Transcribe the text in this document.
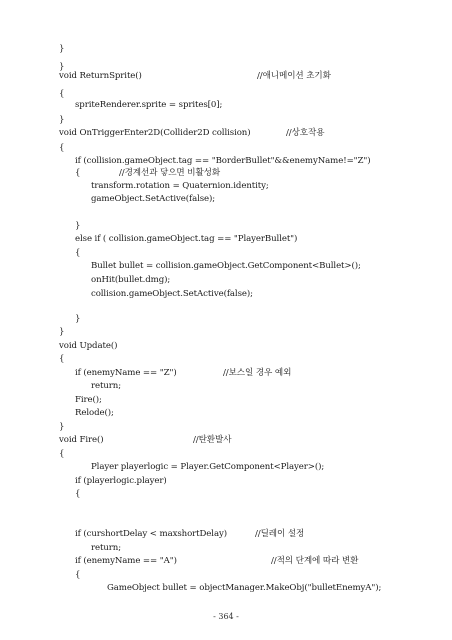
}
}
void ReturnSprite()	//애니메이션 초기화
{
spriteRenderer.sprite = sprites[0];
}
void OnTriggerEnter2D(Collider2D collision)	//상호작용
{
if (collision.gameObject.tag == "BorderBullet"&&enemyName!="Z")
{	//경계선과 닿으면 비활성화
transform.rotation = Quaternion.identity;
gameObject.SetActive(false);
}
else if ( collision.gameObject.tag == "PlayerBullet")
{
Bullet bullet = collision.gameObject.GetComponent<Bullet>();
onHit(bullet.dmg);
collision.gameObject.SetActive(false);
}
}
void Update()
{
if (enemyName == "Z")	//보스일 경우 예외
return;
Fire();
Relode();
}
void Fire()	//탄환발사
{
Player playerlogic = Player.GetComponent<Player>();
if (playerlogic.player)
{
if (curshortDelay < maxshortDelay)	//딜레이 설정
return;
if (enemyName == "A")	//적의 단계에 따라 변환
{
GameObject bullet = objectManager.MakeObj("bulletEnemyA");
- 364 -
